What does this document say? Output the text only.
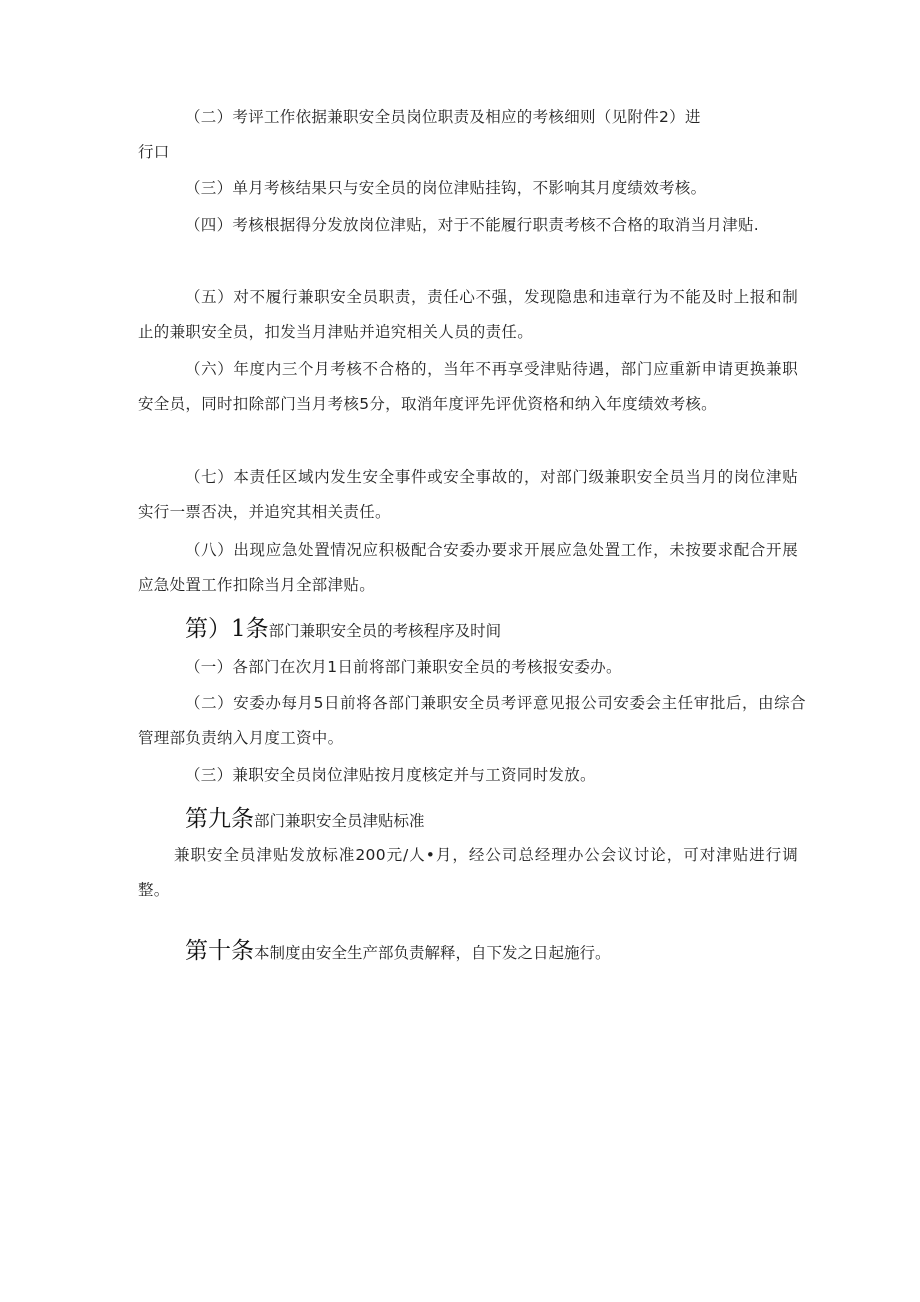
（二）考评工作依据兼职安全员岗位职责及相应的考核细则（见附件2）进

行口

（三）单月考核结果只与安全员的岗位津贴挂钩，不影响其月度绩效考核。

（四）考核根据得分发放岗位津贴，对于不能履行职责考核不合格的取消当月津贴.

（五）对不履行兼职安全员职责，责任心不强，发现隐患和违章行为不能及时上报和制止的兼职安全员，扣发当月津贴并追究相关人员的责任。

（六）年度内三个月考核不合格的，当年不再享受津贴待遇，部门应重新申请更换兼职安全员，同时扣除部门当月考核5分，取消年度评先评优资格和纳入年度绩效考核。

（七）本责任区域内发生安全事件或安全事故的，对部门级兼职安全员当月的岗位津贴实行一票否决，并追究其相关责任。

（八）出现应急处置情况应积极配合安委办要求开展应急处置工作，未按要求配合开展应急处置工作扣除当月全部津贴。

第）1条部门兼职安全员的考核程序及时间

（一）各部门在次月1日前将部门兼职安全员的考核报安委办。

（二）安委办每月5日前将各部门兼职安全员考评意见报公司安委会主任审批后，由综合管理部负责纳入月度工资中。

（三）兼职安全员岗位津贴按月度核定并与工资同时发放。

第九条部门兼职安全员津贴标准

兼职安全员津贴发放标准200元/人•月，经公司总经理办公会议讨论，可对津贴进行调整。

第十条本制度由安全生产部负责解释，自下发之日起施行。
